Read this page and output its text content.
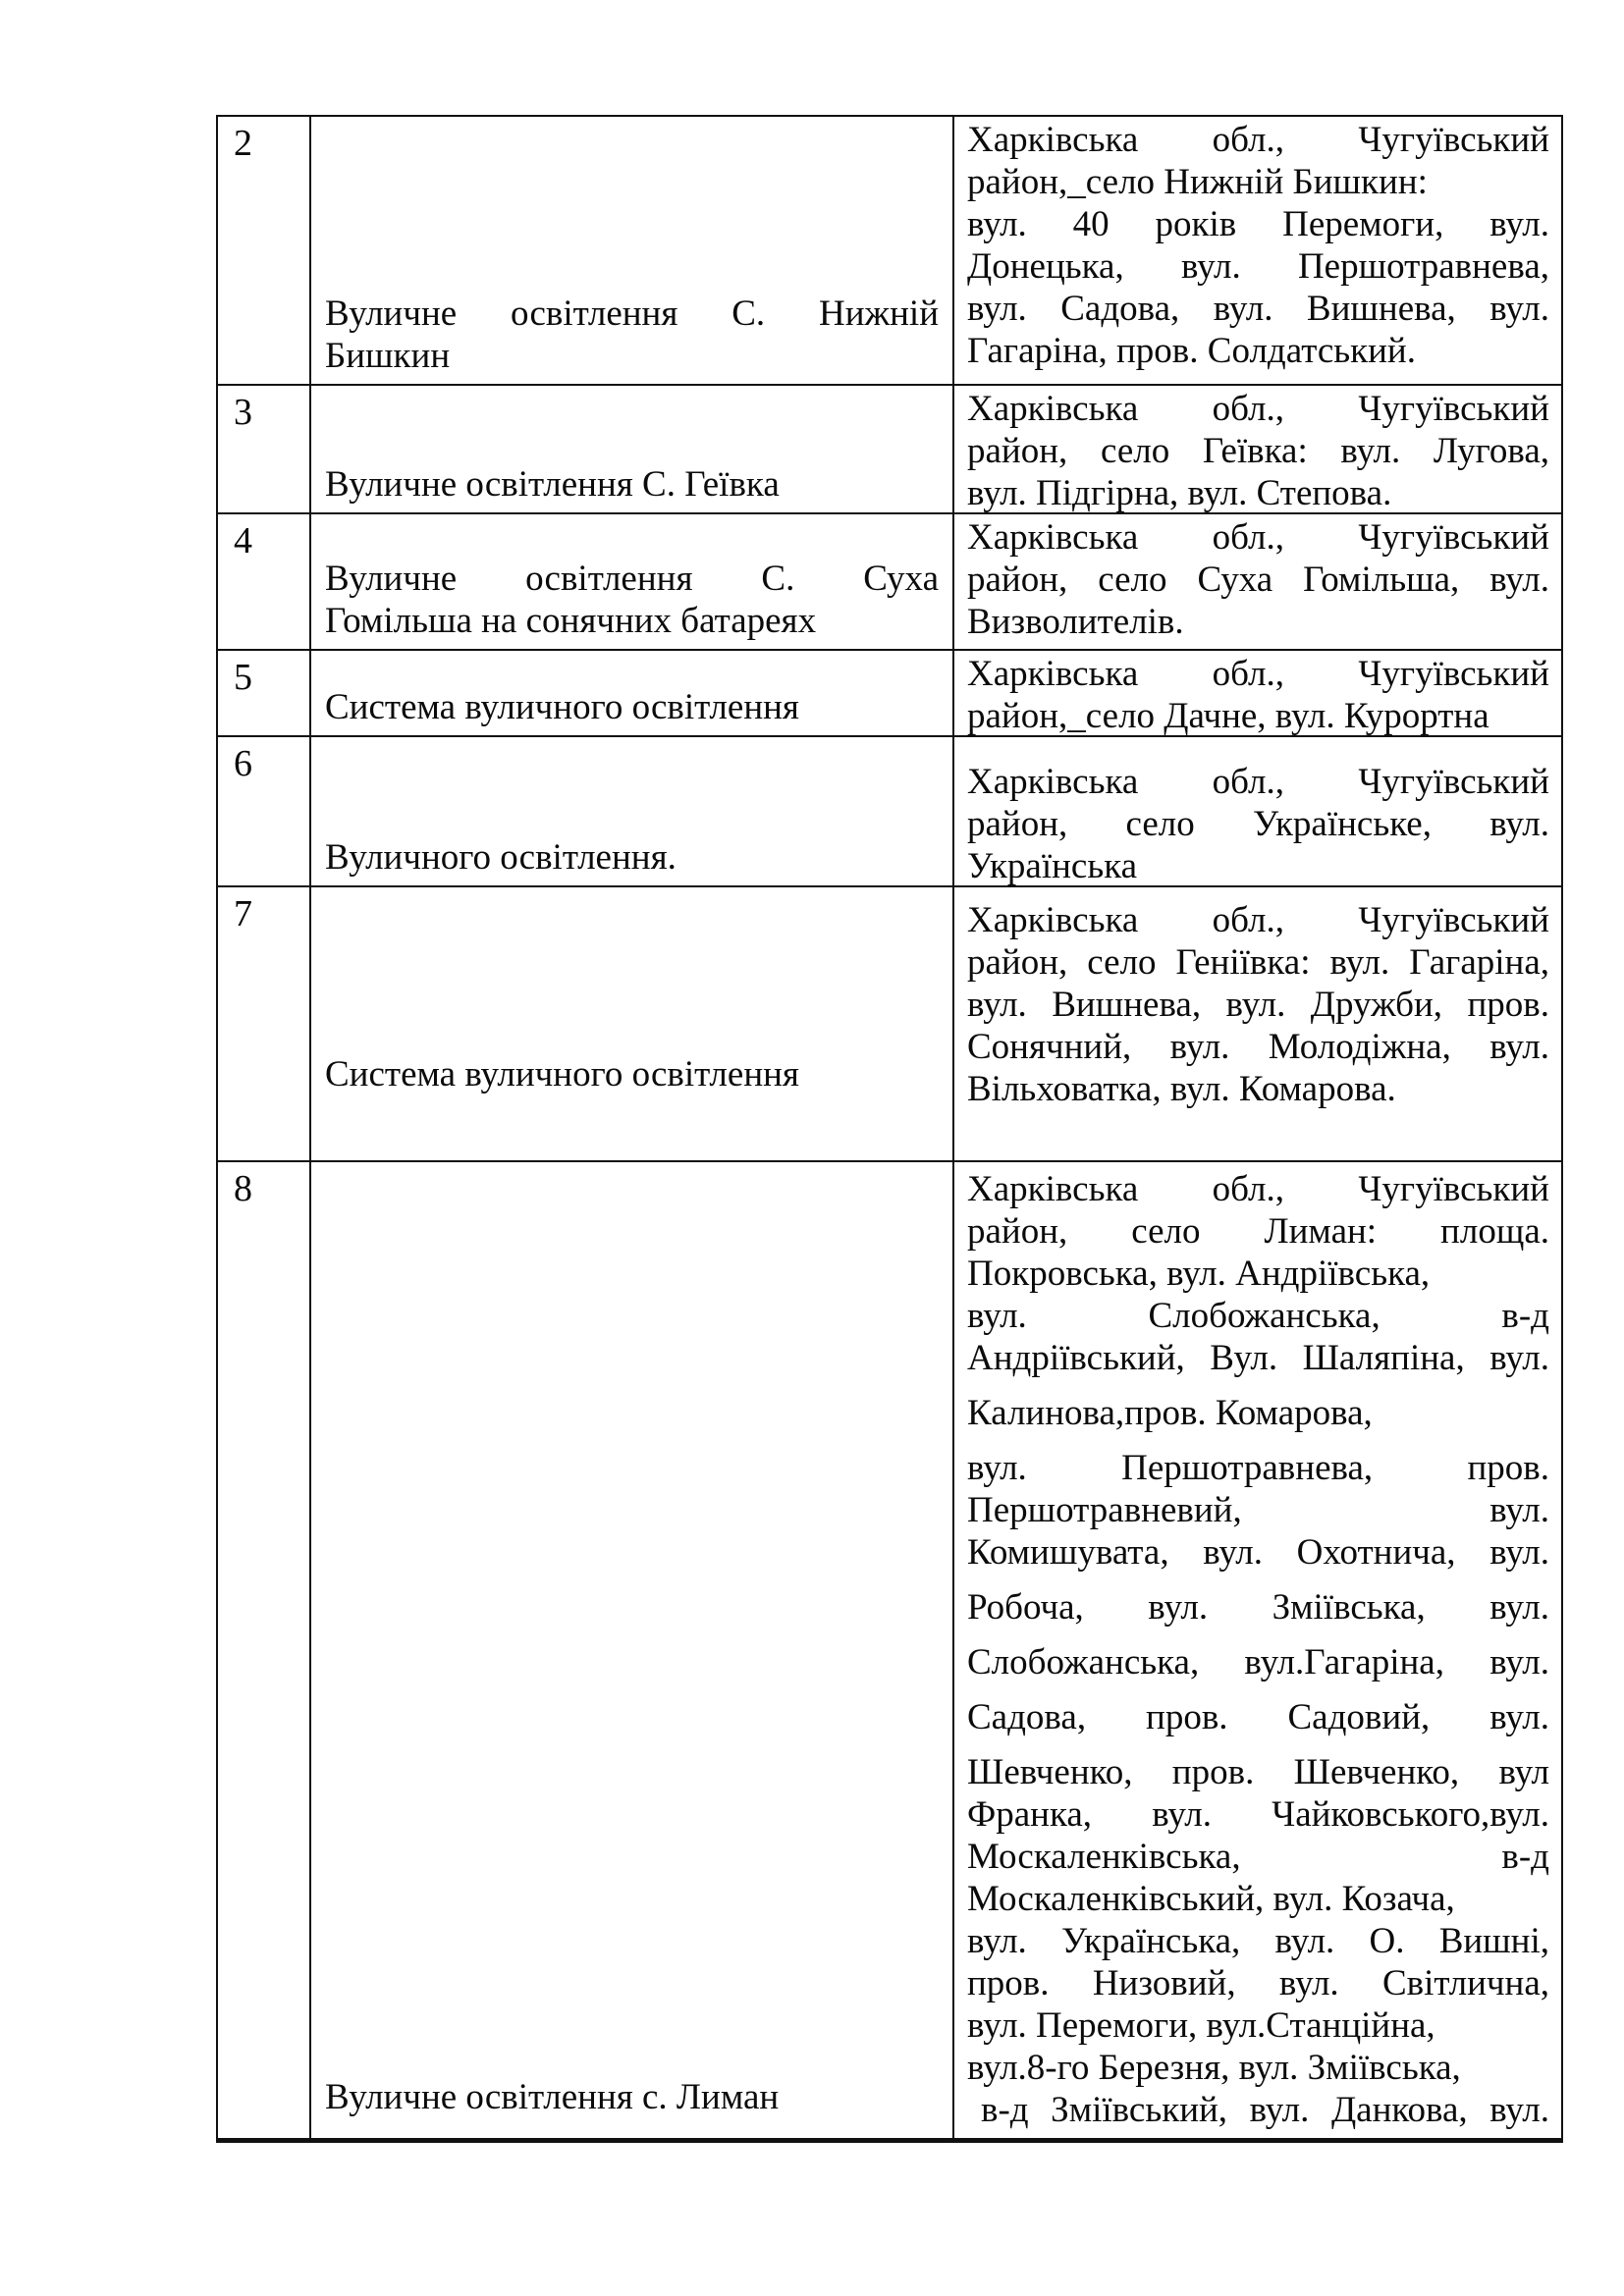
2
Вуличне освітлення С. Нижній
Бишкин
Харківська обл., Чугуївський
район,_село Нижній Бишкин:
вул. 40 років Перемоги, вул.
Донецька, вул. Першотравнева,
вул. Садова, вул. Вишнева, вул.
Гагаріна, пров. Солдатський.
3
Вуличне освітлення С. Геївка
Харківська обл., Чугуївський
район, село Геївка: вул. Лугова,
вул. Підгірна, вул. Степова.
4
Вуличне освітлення С. Суха
Гомільша на сонячних батареях
Харківська обл., Чугуївський
район, село Суха Гомільша, вул.
Визволителів.
5
Система вуличного освітлення
Харківська обл., Чугуївський
район,_село Дачне, вул. Курортна
6
Вуличного освітлення.
Харківська обл., Чугуївський
район, село Українське, вул.
Українська
7
Система вуличного освітлення
Харківська обл., Чугуївський
район, село Геніївка: вул. Гагаріна,
вул. Вишнева, вул. Дружби, пров.
Сонячний, вул. Молодіжна, вул.
Вільховатка, вул. Комарова.
8
Вуличне освітлення с. Лиман
Харківська обл., Чугуївський
район, село Лиман: площа.
Покровська, вул. Андріївська,
вул. Слобожанська, в-д
Андріївський, Вул. Шаляпіна, вул.
Калинова,пров. Комарова,
вул. Першотравнева, пров.
Першотравневий, вул.
Комишувата, вул. Охотнича, вул.
Робоча, вул. Зміївська, вул.
Слобожанська, вул.Гагаріна, вул.
Садова, пров. Садовий, вул.
Шевченко, пров. Шевченко, вул
Франка, вул. Чайковського,вул.
Москаленківська, в-д
Москаленківський, вул. Козача,
вул. Українська, вул. О. Вишні,
пров. Низовий, вул. Світлична,
вул. Перемоги, вул.Станційна,
вул.8-го Березня, вул. Зміївська,
в-д Зміївський, вул. Данкова, вул.
